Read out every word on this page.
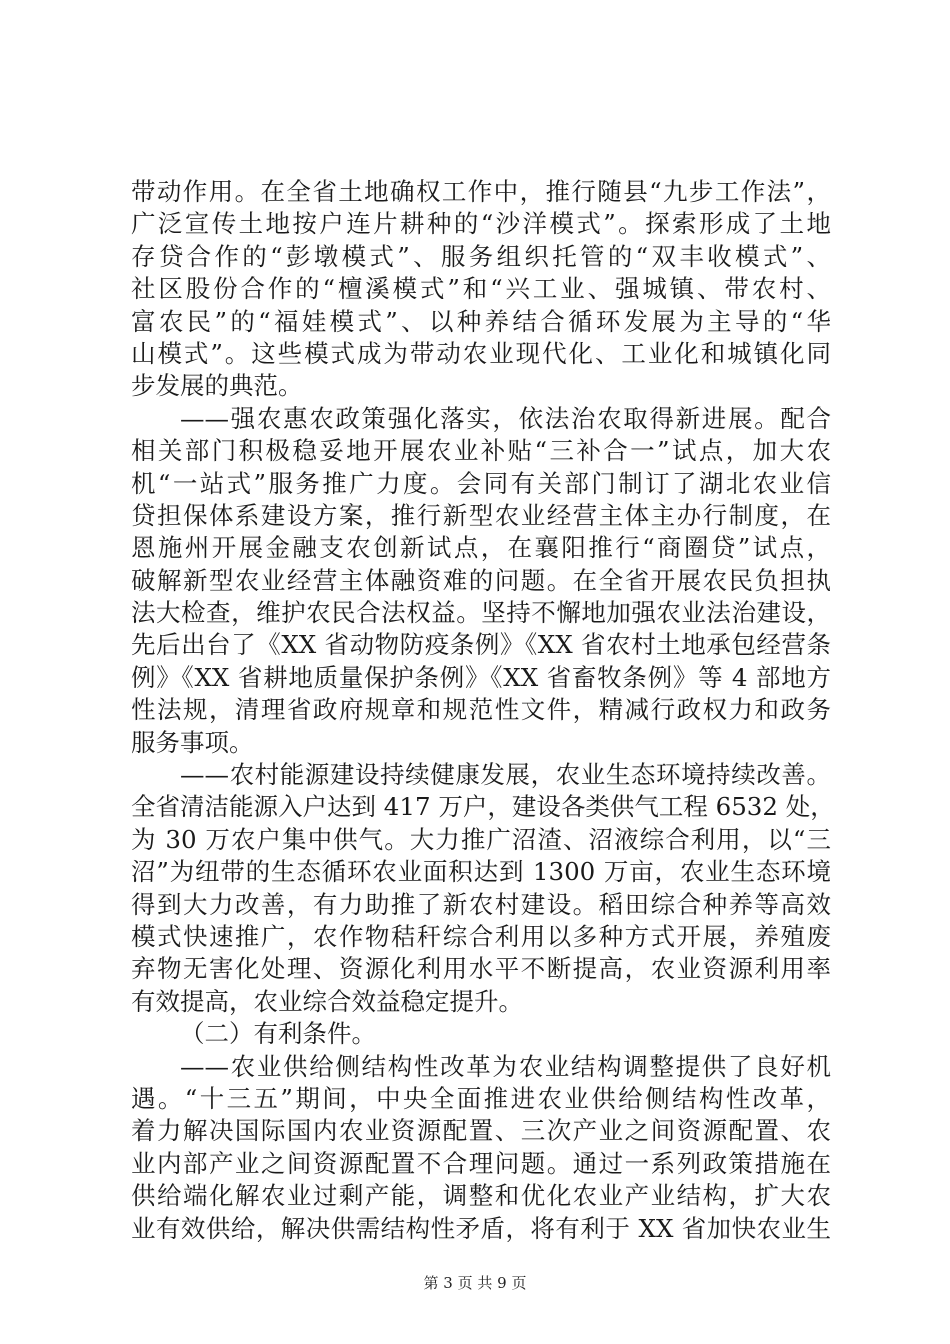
带动作用。在全省土地确权工作中，推行随县“九步工作法”，
广泛宣传土地按户连片耕种的“沙洋模式”。探索形成了土地
存贷合作的“彭墩模式”、服务组织托管的“双丰收模式”、
社区股份合作的“檀溪模式”和“兴工业、强城镇、带农村、
富农民”的“福娃模式”、以种养结合循环发展为主导的“华
山模式”。这些模式成为带动农业现代化、工业化和城镇化同
步发展的典范。
——强农惠农政策强化落实，依法治农取得新进展。配合
相关部门积极稳妥地开展农业补贴“三补合一”试点，加大农
机“一站式”服务推广力度。会同有关部门制订了湖北农业信
贷担保体系建设方案，推行新型农业经营主体主办行制度，在
恩施州开展金融支农创新试点，在襄阳推行“商圈贷”试点，
破解新型农业经营主体融资难的问题。在全省开展农民负担执
法大检查，维护农民合法权益。坚持不懈地加强农业法治建设，
先后出台了《XX 省动物防疫条例》《XX 省农村土地承包经营条
例》《XX 省耕地质量保护条例》《XX 省畜牧条例》等 4 部地方
性法规，清理省政府规章和规范性文件，精减行政权力和政务
服务事项。
——农村能源建设持续健康发展，农业生态环境持续改善。
全省清洁能源入户达到 417 万户，建设各类供气工程 6532 处，
为 30 万农户集中供气。大力推广沼渣、沼液综合利用，以“三
沼”为纽带的生态循环农业面积达到 1300 万亩，农业生态环境
得到大力改善，有力助推了新农村建设。稻田综合种养等高效
模式快速推广，农作物秸秆综合利用以多种方式开展，养殖废
弃物无害化处理、资源化利用水平不断提高，农业资源利用率
有效提高，农业综合效益稳定提升。
（二）有利条件。
——农业供给侧结构性改革为农业结构调整提供了良好机
遇。“十三五”期间，中央全面推进农业供给侧结构性改革，
着力解决国际国内农业资源配置、三次产业之间资源配置、农
业内部产业之间资源配置不合理问题。通过一系列政策措施在
供给端化解农业过剩产能，调整和优化农业产业结构，扩大农
业有效供给，解决供需结构性矛盾，将有利于 XX 省加快农业生
第 3 页 共 9 页
